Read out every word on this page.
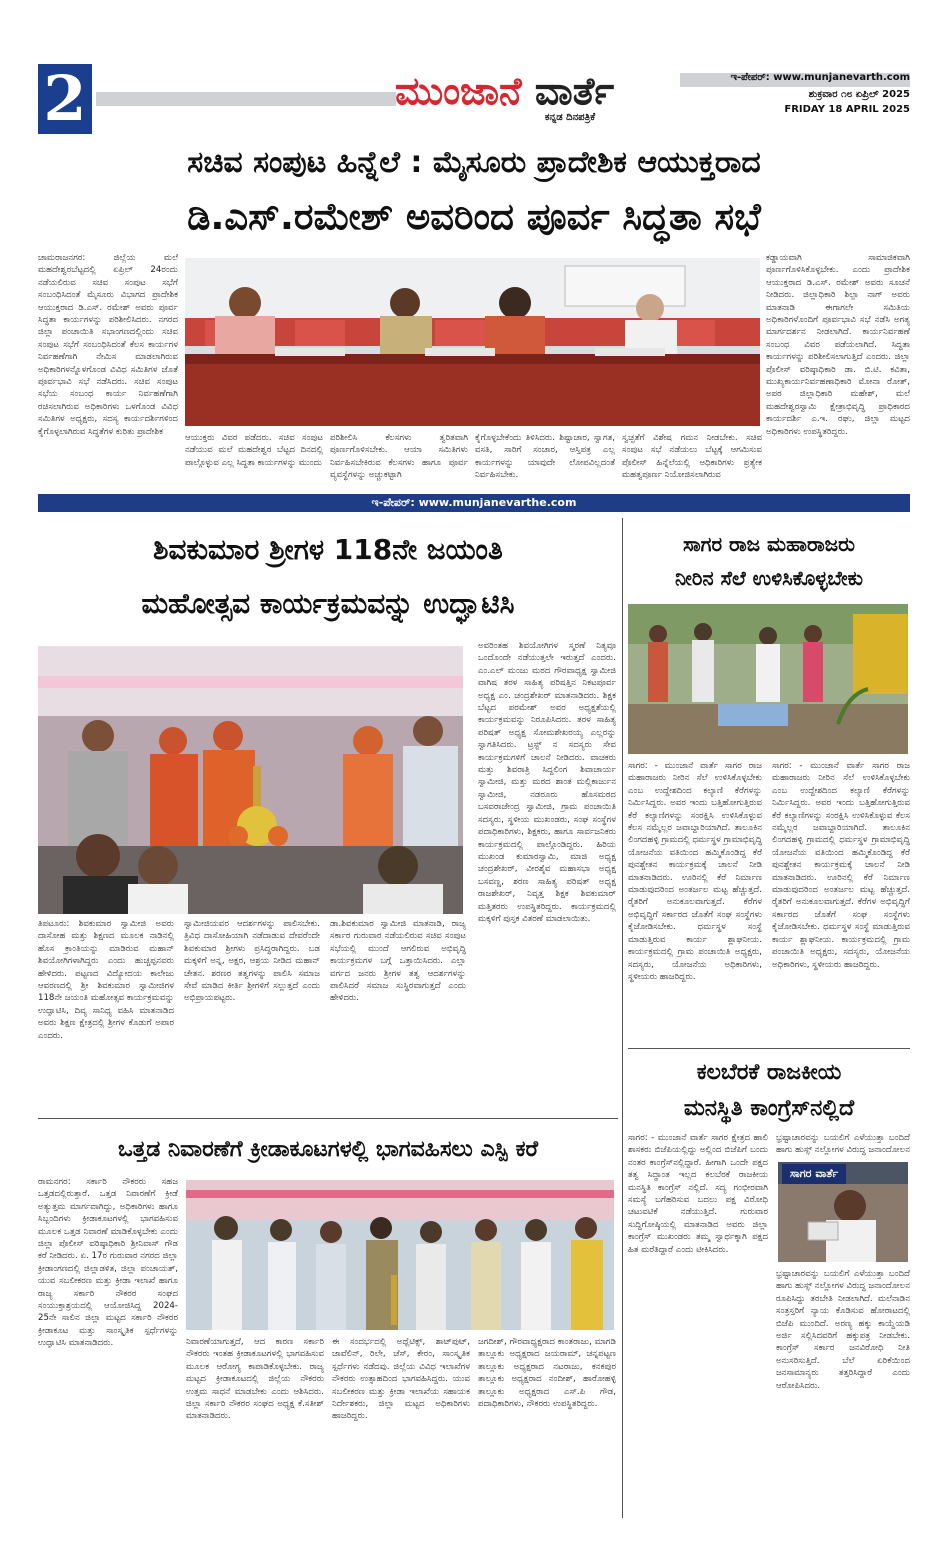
2	ಮುಂಜಾನೆ ವಾರ್ತೆ
ಕನ್ನಡ ದಿನಪತ್ರಿಕೆ
ಇ-ಪೇಪರ್: www.munjanevarth.com
ಶುಕ್ರವಾರ ೧೮ ಏಪ್ರಿಲ್ 2025
FRIDAY 18 APRIL 2025
ಸಚಿವ ಸಂಪುಟ ಹಿನ್ನೆಲೆ : ಮೈಸೂರು ಪ್ರಾದೇಶಿಕ ಆಯುಕ್ತರಾದ
ಡಿ.ಎಸ್.ರಮೇಶ್ ಅವರಿಂದ ಪೂರ್ವ ಸಿದ್ಧತಾ ಸಭೆ
ಚಾಮರಾಜನಗರ: ಜಿಲ್ಲೆಯ ಮಲೆ ಮಹದೇಶ್ವರಬೆಟ್ಟದಲ್ಲಿ ಏಪ್ರಿಲ್ 24ರಂದು ನಡೆಯಲಿರುವ ಸಚಿವ ಸಂಪುಟ ಸಭೆಗೆ ಸಂಬಂಧಿಸಿದಂತೆ ಮೈಸೂರು ವಿಭಾಗದ ಪ್ರಾದೇಶಿಕ ಆಯುಕ್ತರಾದ ಡಿ.ಎಸ್. ರಮೇಶ್ ಅವರು ಪೂರ್ವ ಸಿದ್ಧತಾ ಕಾರ್ಯಗಳನ್ನು ಪರಿಶೀಲಿಸಿದರು. ನಗರದ ಜಿಲ್ಲಾ ಪಂಚಾಯಿತಿ ಸಭಾಂಗಣದಲ್ಲಿಂದು ಸಚಿವ ಸಂಪುಟ ಸಭೆಗೆ ಸಂಬಂಧಿಸಿದಂತೆ ಕೆಲಸ ಕಾರ್ಯಗಳ ನಿರ್ವಹಣೆಗಾಗಿ ನೇಮಿಸ ಮಾಡಲಾಗಿರುವ ಅಧಿಕಾರಿಗಳನ್ನೊಳಗೊಂಡ ವಿವಿಧ ಸಮಿತಿಗಳ ಜೊತೆ ಪೂರ್ವಭಾವಿ ಸಭೆ ನಡೆಸಿದರು. ಸಚಿವ ಸಂಪುಟ ಸಭೆಯ ಸಂಬಂಧ ಕಾರ್ಯ ನಿರ್ವಹಣೆಗಾಗಿ ರಚಿಸಲಾಗಿರುವ ಅಧಿಕಾರಿಗಳು ಒಳಗೊಂಡ ವಿವಿಧ ಸಮಿತಿಗಳ ಅಧ್ಯಕ್ಷರು, ಸದಸ್ಯ ಕಾರ್ಯದರ್ಶಿಗಳಿಂದ ಕೈಗೊಳ್ಳಲಾಗಿರುವ ಸಿದ್ಧತೆಗಳ ಕುರಿತು ಪ್ರಾದೇಶಿಕ
ಆಯುಕ್ತರು ವಿವರ ಪಡೆದರು. ಸಚಿವ ಸಂಪುಟ ನಡೆಯುವ ಮಲೆ ಮಹದೇಶ್ವರ ಬೆಟ್ಟದ ದಿನದಲ್ಲಿ ಪಾಲ್ಗೊಳ್ಳುವ ಎಲ್ಲ ಸಿದ್ಧತಾ ಕಾರ್ಯಗಳನ್ನು ಮುಂದು
ಪರಿಶೀಲಿಸಿ ಕೆಲಸಗಳು ತ್ವರಿತವಾಗಿ ಪೂರ್ಣಗೊಳಿಸಬೇಕು. ಆಯಾ ಸಮಿತಿಗಳು ನಿರ್ವಹಿಸಬೇಕಿರುವ ಕೆಲಸಗಳು ಹಾಗೂ ಪೂರ್ವ ವ್ಯವಸ್ಥೆಗಳನ್ನು ಅಚ್ಚುಕಟ್ಟಾಗಿ
ಕೈಗೊಳ್ಳಬೇಕೆಂದು ತಿಳಿಸಿದರು. ಶಿಷ್ಟಾಚಾರ, ಸ್ವಾಗತ, ವಸತಿ, ಸಾರಿಗೆ ಸಂಚಾರ, ಆಸ್ತಿಪತ್ರ ಎಲ್ಲ ಕಾರ್ಯಗಳನ್ನು ಯಾವುದೇ ಲೋಪವಿಲ್ಲದಂತೆ ನಿರ್ವಹಿಸಬೇಕು.
ಸ್ವಚ್ಛತೆಗೆ ವಿಶೇಷ ಗಮನ ನೀಡಬೇಕು. ಸಚಿವ ಸಂಪುಟ ಸಭೆ ನಡೆಯಲು ಬೆಟ್ಟಕ್ಕೆ ಆಗಮಿಸುವ ಪೊಲೀಸ್ ಹಿನ್ನೆಲೆಯಲ್ಲಿ ಅಧಿಕಾರಿಗಳು ಪ್ರತ್ಯೇಕ ಮಹತ್ವಪೂರ್ಣ ನಿಯೋಜಿಸಲಾಗಿರುವ
ಕಡ್ಡಾಯವಾಗಿ ಸಾಮಾಜಿಕವಾಗಿ ಪೂರ್ಣಗೊಳಿಸಿಕೊಳ್ಳಬೇಕು. ಎಂದು ಪ್ರಾದೇಶಿಕ ಆಯುಕ್ತರಾದ ಡಿ.ಎಸ್. ರಮೇಶ್ ಅವರು ಸೂಚನೆ ನೀಡಿದರು. ಜಿಲ್ಲಾಧಿಕಾರಿ ಶಿಲ್ಪಾ ನಾಗ್ ಅವರು ಮಾತನಾಡಿ ಈಗಾಗಲೇ ಸಮಿತಿಯ ಅಧಿಕಾರಿಗಳೊಂದಿಗೆ ಪೂರ್ವಭಾವಿ ಸಭೆ ನಡೆಸಿ ಅಗತ್ಯ ಮಾರ್ಗದರ್ಶನ ನೀಡಲಾಗಿದೆ. ಕಾರ್ಯನಿರ್ವಹಣೆ ಸಂಬಂಧ ವಿವರ ಪಡೆಯಲಾಗಿದೆ. ಸಿದ್ಧತಾ ಕಾರ್ಯಗಳನ್ನು ಪರಿಶೀಲಿಸಲಾಗುತ್ತಿದೆ ಎಂದರು. ಜಿಲ್ಲಾ ಪೊಲೀಸ್ ವರಿಷ್ಠಾಧಿಕಾರಿ ಡಾ. ಬಿ.ಟಿ. ಕವಿತಾ, ಮುಖ್ಯಕಾರ್ಯನಿರ್ವಹಣಾಧಿಕಾರಿ ಮೋನಾ ರೋತ್, ಅಪರ ಜಿಲ್ಲಾಧಿಕಾರಿ ಮಹೇಶ್, ಮಲೆ ಮಹದೇಶ್ವರಸ್ವಾಮಿ ಕ್ಷೇತ್ರಾಭಿವೃದ್ಧಿ ಪ್ರಾಧಿಕಾರದ ಕಾರ್ಯದರ್ಶಿ ಎ.ಇ. ರಘು, ಜಿಲ್ಲಾ ಮಟ್ಟದ ಅಧಿಕಾರಿಗಳು ಉಪಸ್ಥಿತರಿದ್ದರು.
ಇ-ಪೇಪರ್: www.munjanevarthe.com
ಶಿವಕುಮಾರ ಶ್ರೀಗಳ 118ನೇ ಜಯಂತಿ
ಮಹೋತ್ಸವ ಕಾರ್ಯಕ್ರಮವನ್ನು ಉದ್ಘಾಟಿಸಿ
ಅವರಿಂತಹ ಶಿವಯೋಗಿಗಳ ಸ್ಮರಣೆ ನಿತ್ಯವೂ ಒಂದೊಂದೇ ನಡೆಯುತ್ತಲೇ ಇರುತ್ತದೆ ಎಂದರು. ಎಂ.ಎಲ್ ಮಂಜು ಮಠದ ಗೌರವಾಧ್ಯಕ್ಷ ಸ್ವಾಮೀಜಿ ವಾಗಿಷ ತರಳ ಸಾಹಿತ್ಯ ಪರಿಷತ್ತಿನ ನಿಕಟಪೂರ್ವ ಅಧ್ಯಕ್ಷ ಎಂ. ಚಂದ್ರಶೇಖರ್ ಮಾತನಾಡಿದರು. ಶಿಕ್ಷಕ ಬೆಟ್ಟದ ಪರಮೇಶ್ ಅವರ ಅಧ್ಯಕ್ಷತೆಯಲ್ಲಿ ಕಾರ್ಯಕ್ರಮವನ್ನು ನಿರೂಪಿಸಿದರು. ತರಳ ಸಾಹಿತ್ಯ ಪರಿಷತ್ ಅಧ್ಯಕ್ಷ ಸೋಮಶೇಖರಯ್ಯ ಎಲ್ಲರನ್ನು ಸ್ವಾಗತಿಸಿದರು. ಟ್ರಸ್ಟ್ ನ ಸದಸ್ಯರು ಸೇವ ಕಾರ್ಯಕ್ರಮಗಳಿಗೆ ಚಾಲನೆ ನೀಡಿದರು. ವಾಚಕರು ಮತ್ತು ಶಿವರಾತ್ರಿ ಸಿದ್ದಲಿಂಗ ಶಿವಾಚಾರ್ಯ ಸ್ವಾಮೀಜಿ, ಮತ್ತು ಮಠದ ಶಾಂತ ಮಲ್ಲಿಕಾರ್ಜುನ ಸ್ವಾಮೀಜಿ, ನಡರೂರು ಹೊಸಮಠದ ಬಸವರಾಜೇಂದ್ರ ಸ್ವಾಮೀಜಿ, ಗ್ರಾಮ ಪಂಚಾಯಿತಿ ಸದಸ್ಯರು, ಸ್ಥಳೀಯ ಮುಖಂಡರು, ಸಂಘ ಸಂಸ್ಥೆಗಳ ಪದಾಧಿಕಾರಿಗಳು, ಶಿಕ್ಷಕರು, ಹಾಗೂ ಸಾರ್ವಜನಿಕರು ಕಾರ್ಯಕ್ರಮದಲ್ಲಿ ಪಾಲ್ಗೊಂಡಿದ್ದರು. ಹಿರಿಯ ಮುಖಂಡ ಕುಮಾರಸ್ವಾಮಿ, ಮಾಜಿ ಅಧ್ಯಕ್ಷ ಚಂದ್ರಶೇಖರ್, ವೀರಶೈವ ಮಹಾಸಭಾ ಅಧ್ಯಕ್ಷ ಬಸವಣ್ಣ, ಶರಣ ಸಾಹಿತ್ಯ ಪರಿಷತ್ ಅಧ್ಯಕ್ಷ ರಾಜಶೇಖರ್, ನಿವೃತ್ತ ಶಿಕ್ಷಕ ಶಿವಕುಮಾರ್ ಮತ್ತಿತರರು ಉಪಸ್ಥಿತರಿದ್ದರು. ಕಾರ್ಯಕ್ರಮದಲ್ಲಿ ಮಕ್ಕಳಿಗೆ ಪುಸ್ತಕ ವಿತರಣೆ ಮಾಡಲಾಯಿತು.
ತಿಪಟೂರು: ಶಿವಕುಮಾರ ಸ್ವಾಮೀಜಿ ಅವರು ದಾಸೋಹ ಮತ್ತು ಶಿಕ್ಷಣದ ಮೂಲಕ ನಾಡಿನಲ್ಲಿ ಹೊಸ ಕ್ರಾಂತಿಯನ್ನು ಮಾಡಿರುವ ಮಹಾನ್ ಶಿವಯೋಗಿಗಳಾಗಿದ್ದರು ಎಂದು ಹುಚ್ಚಪ್ಪನವರು ಹೇಳಿದರು. ಪಟ್ಟಣದ ವಿದ್ಯೋದಯ ಕಾಲೇಜು ಆವರಣದಲ್ಲಿ ಶ್ರೀ ಶಿವಕುಮಾರ ಸ್ವಾಮೀಜಿಗಳ 118ನೇ ಜಯಂತಿ ಮಹೋತ್ಸವ ಕಾರ್ಯಕ್ರಮವನ್ನು ಉದ್ಘಾಟಿಸಿ, ದಿವ್ಯ ಸಾನಿಧ್ಯ ವಹಿಸಿ ಮಾತನಾಡಿದ ಅವರು ಶಿಕ್ಷಣ ಕ್ಷೇತ್ರದಲ್ಲಿ ಶ್ರೀಗಳ ಕೊಡುಗೆ ಅಪಾರ ಎಂದರು.
ಸ್ವಾಮೀಜಿಯವರ ಆದರ್ಶಗಳನ್ನು ಪಾಲಿಸಬೇಕು. ತ್ರಿವಿಧ ದಾಸೋಹಿಯಾಗಿ ನಡೆದಾಡುವ ದೇವರೆಂದೇ ಶಿವಕುಮಾರ ಶ್ರೀಗಳು ಪ್ರಸಿದ್ಧರಾಗಿದ್ದರು. ಬಡ ಮಕ್ಕಳಿಗೆ ಅನ್ನ, ಅಕ್ಷರ, ಆಶ್ರಯ ನೀಡಿದ ಮಹಾನ್ ಚೇತನ. ಶರಣರ ತತ್ವಗಳನ್ನು ಪಾಲಿಸಿ ಸಮಾಜ ಸೇವೆ ಮಾಡಿದ ಕೀರ್ತಿ ಶ್ರೀಗಳಿಗೆ ಸಲ್ಲುತ್ತದೆ ಎಂದು ಅಭಿಪ್ರಾಯಪಟ್ಟರು.
ಡಾ.ಶಿವಕುಮಾರ ಸ್ವಾಮೀಜಿ ಮಾತನಾಡಿ, ರಾಜ್ಯ ಸರ್ಕಾರ ಗುರುವಾರ ನಡೆಯಲಿರುವ ಸಚಿವ ಸಂಪುಟ ಸಭೆಯಲ್ಲಿ ಮುಂದೆ ಆಗಲಿರುವ ಅಭಿವೃದ್ಧಿ ಕಾರ್ಯಕ್ರಮಗಳ ಬಗ್ಗೆ ಒತ್ತಾಯಿಸಿದರು. ಎಲ್ಲಾ ವರ್ಗದ ಜನರು ಶ್ರೀಗಳ ತತ್ವ ಆದರ್ಶಗಳನ್ನು ಪಾಲಿಸಿದರೆ ಸಮಾಜ ಸುಸ್ಥಿರವಾಗುತ್ತದೆ ಎಂದು ಹೇಳಿದರು.
ಸಾಗರ ರಾಜ ಮಹಾರಾಜರು
ನೀರಿನ ಸೆಲೆ ಉಳಿಸಿಕೊಳ್ಳಬೇಕು
ಸಾಗರ: - ಮುಂಜಾನೆ ವಾರ್ತೆ ಸಾಗರ ರಾಜ ಮಹಾರಾಜರು ನೀರಿನ ಸೆಲೆ ಉಳಿಸಿಕೊಳ್ಳಬೇಕು ಎಂಬ ಉದ್ದೇಶದಿಂದ ಕಲ್ಯಾಣಿ ಕೆರೆಗಳನ್ನು ನಿರ್ಮಿಸಿದ್ದರು. ಅವರ ಇಂದು ಬತ್ತಿಹೋಗುತ್ತಿರುವ ಕೆರೆ ಕಲ್ಯಾಣಿಗಳನ್ನು ಸಂರಕ್ಷಿಸಿ ಉಳಿಸಿಕೊಳ್ಳುವ ಕೆಲಸ ನಮ್ಮೆಲ್ಲರ ಜವಾಬ್ದಾರಿಯಾಗಿದೆ. ತಾಲೂಕಿನ ಲಿಂಗದಹಳ್ಳಿ ಗ್ರಾಮದಲ್ಲಿ ಧರ್ಮಸ್ಥಳ ಗ್ರಾಮಾಭಿವೃದ್ಧಿ ಯೋಜನೆಯ ವತಿಯಿಂದ ಹಮ್ಮಿಕೊಂಡಿದ್ದ ಕೆರೆ ಪುನಶ್ಚೇತನ ಕಾರ್ಯಕ್ರಮಕ್ಕೆ ಚಾಲನೆ ನೀಡಿ ಮಾತನಾಡಿದರು. ಊರಿನಲ್ಲಿ ಕೆರೆ ನಿರ್ಮಾಣ ಮಾಡುವುದರಿಂದ ಅಂತರ್ಜಲ ಮಟ್ಟ ಹೆಚ್ಚುತ್ತದೆ. ರೈತರಿಗೆ ಅನುಕೂಲವಾಗುತ್ತದೆ. ಕೆರೆಗಳ ಅಭಿವೃದ್ಧಿಗೆ ಸರ್ಕಾರದ ಜೊತೆಗೆ ಸಂಘ ಸಂಸ್ಥೆಗಳು ಕೈಜೋಡಿಸಬೇಕು. ಧರ್ಮಸ್ಥಳ ಸಂಸ್ಥೆ ಮಾಡುತ್ತಿರುವ ಕಾರ್ಯ ಶ್ಲಾಘನೀಯ. ಕಾರ್ಯಕ್ರಮದಲ್ಲಿ ಗ್ರಾಮ ಪಂಚಾಯಿತಿ ಅಧ್ಯಕ್ಷರು, ಸದಸ್ಯರು, ಯೋಜನೆಯ ಅಧಿಕಾರಿಗಳು, ಸ್ಥಳೀಯರು ಹಾಜರಿದ್ದರು.
ಸಾಗರ: - ಮುಂಜಾನೆ ವಾರ್ತೆ ಸಾಗರ ರಾಜ ಮಹಾರಾಜರು ನೀರಿನ ಸೆಲೆ ಉಳಿಸಿಕೊಳ್ಳಬೇಕು ಎಂಬ ಉದ್ದೇಶದಿಂದ ಕಲ್ಯಾಣಿ ಕೆರೆಗಳನ್ನು ನಿರ್ಮಿಸಿದ್ದರು. ಅವರ ಇಂದು ಬತ್ತಿಹೋಗುತ್ತಿರುವ ಕೆರೆ ಕಲ್ಯಾಣಿಗಳನ್ನು ಸಂರಕ್ಷಿಸಿ ಉಳಿಸಿಕೊಳ್ಳುವ ಕೆಲಸ ನಮ್ಮೆಲ್ಲರ ಜವಾಬ್ದಾರಿಯಾಗಿದೆ. ತಾಲೂಕಿನ ಲಿಂಗದಹಳ್ಳಿ ಗ್ರಾಮದಲ್ಲಿ ಧರ್ಮಸ್ಥಳ ಗ್ರಾಮಾಭಿವೃದ್ಧಿ ಯೋಜನೆಯ ವತಿಯಿಂದ ಹಮ್ಮಿಕೊಂಡಿದ್ದ ಕೆರೆ ಪುನಶ್ಚೇತನ ಕಾರ್ಯಕ್ರಮಕ್ಕೆ ಚಾಲನೆ ನೀಡಿ ಮಾತನಾಡಿದರು. ಊರಿನಲ್ಲಿ ಕೆರೆ ನಿರ್ಮಾಣ ಮಾಡುವುದರಿಂದ ಅಂತರ್ಜಲ ಮಟ್ಟ ಹೆಚ್ಚುತ್ತದೆ. ರೈತರಿಗೆ ಅನುಕೂಲವಾಗುತ್ತದೆ. ಕೆರೆಗಳ ಅಭಿವೃದ್ಧಿಗೆ ಸರ್ಕಾರದ ಜೊತೆಗೆ ಸಂಘ ಸಂಸ್ಥೆಗಳು ಕೈಜೋಡಿಸಬೇಕು. ಧರ್ಮಸ್ಥಳ ಸಂಸ್ಥೆ ಮಾಡುತ್ತಿರುವ ಕಾರ್ಯ ಶ್ಲಾಘನೀಯ. ಕಾರ್ಯಕ್ರಮದಲ್ಲಿ ಗ್ರಾಮ ಪಂಚಾಯಿತಿ ಅಧ್ಯಕ್ಷರು, ಸದಸ್ಯರು, ಯೋಜನೆಯ ಅಧಿಕಾರಿಗಳು, ಸ್ಥಳೀಯರು ಹಾಜರಿದ್ದರು.
ಕಲಬೆರಕೆ ರಾಜಕೀಯ
ಮನಸ್ಥಿತಿ ಕಾಂಗ್ರೆಸ್‌ನಲ್ಲಿದೆ
ಸಾಗರ: - ಮುಂಜಾನೆ ವಾರ್ತೆ ಸಾಗರ ಕ್ಷೇತ್ರದ ಹಾಲಿ ಶಾಸಕರು ಬಿಜೆಪಿಯಲ್ಲಿದ್ದು ಅಲ್ಲಿಂದ ಬಿಜೆಪಿಗೆ ಬಂದು ನಂತರ ಕಾಂಗ್ರೆಸ್‌ನಲ್ಲಿದ್ದಾರೆ. ಹೀಗಾಗಿ ಒಂದೇ ಪಕ್ಷದ ತತ್ವ ಸಿದ್ಧಾಂತ ಇಲ್ಲದ ಕಲಬೆರಕೆ ರಾಜಕೀಯ ಮನಸ್ಥಿತಿ ಕಾಂಗ್ರೆಸ್ ನಲ್ಲಿದೆ. ಸದ್ಯ ಗಂಭೀರವಾಗಿ ಸಮಸ್ಯೆ ಬಗೆಹರಿಸುವ ಬದಲು ಪಕ್ಷ ವಿರೋಧಿ ಚಟುವಟಿಕೆ ನಡೆಯುತ್ತಿದೆ. ಗುರುವಾರ ಸುದ್ದಿಗೋಷ್ಠಿಯಲ್ಲಿ ಮಾತನಾಡಿದ ಅವರು ಜಿಲ್ಲಾ ಕಾಂಗ್ರೆಸ್ ಮುಖಂಡರು ತಮ್ಮ ಸ್ವಾರ್ಥಕ್ಕಾಗಿ ಪಕ್ಷದ ಹಿತ ಮರೆತಿದ್ದಾರೆ ಎಂದು ಟೀಕಿಸಿದರು.
ಭ್ರಷ್ಟಾಚಾರವನ್ನು ಬಯಲಿಗೆ ಎಳೆಯುತ್ತಾ ಬಂದಿದೆ ಹಾಗು ಹುಸ್ಸ್ ನಲ್ಲೋಗಳ ವಿರುದ್ಧ ಜನಾಂದೋಲನ
ಸಾಗರ ವಾರ್ತೆ
ಭ್ರಷ್ಟಾಚಾರವನ್ನು ಬಯಲಿಗೆ ಎಳೆಯುತ್ತಾ ಬಂದಿದೆ ಹಾಗು ಹುಸ್ಸ್ ನಲ್ಲೋಗಳ ವಿರುದ್ಧ ಜನಾಂದೋಲನ ರೂಪಿಸಿದ್ದು ತರಬೇತಿ ನೀಡಲಾಗಿದೆ. ಮಲೆನಾಡಿನ ಸಂತ್ರಸ್ತರಿಗೆ ನ್ಯಾಯ ಕೊಡಿಸುವ ಹೋರಾಟದಲ್ಲಿ ಬಿಜೆಪಿ ಮುಂದಿದೆ. ಅರಣ್ಯ ಹಕ್ಕು ಕಾಯ್ದೆಯಡಿ ಅರ್ಜಿ ಸಲ್ಲಿಸಿದವರಿಗೆ ಹಕ್ಕುಪತ್ರ ನೀಡಬೇಕು. ಕಾಂಗ್ರೆಸ್ ಸರ್ಕಾರ ಜನವಿರೋಧಿ ನೀತಿ ಅನುಸರಿಸುತ್ತಿದೆ. ಬೆಲೆ ಏರಿಕೆಯಿಂದ ಜನಸಾಮಾನ್ಯರು ತತ್ತರಿಸಿದ್ದಾರೆ ಎಂದು ಆರೋಪಿಸಿದರು.
ಒತ್ತಡ ನಿವಾರಣೆಗೆ ಕ್ರೀಡಾಕೂಟಗಳಲ್ಲಿ ಭಾಗವಹಿಸಲು ಎಸ್ಪಿ ಕರೆ
ರಾಮನಗರ: ಸರ್ಕಾರಿ ನೌಕರರು ಸಹಜ ಒತ್ತಡದಲ್ಲಿರುತ್ತಾರೆ. ಒತ್ತಡ ನಿವಾರಣೆಗೆ ಕ್ರೀಡೆ ಅತ್ಯುತ್ತಮ ಮಾರ್ಗವಾಗಿದ್ದು, ಅಧಿಕಾರಿಗಳು ಹಾಗೂ ಸಿಬ್ಬಂದಿಗಳು ಕ್ರೀಡಾಕೂಟಗಳಲ್ಲಿ ಭಾಗವಹಿಸುವ ಮೂಲಕ ಒತ್ತಡ ನಿವಾರಣೆ ಮಾಡಿಕೊಳ್ಳಬೇಕು ಎಂದು ಜಿಲ್ಲಾ ಪೊಲೀಸ್ ವರಿಷ್ಠಾಧಿಕಾರಿ ಶ್ರೀನಿವಾಸ್ ಗೌಡ ಕರೆ ನೀಡಿದರು. ಏ. 17ರ ಗುರುವಾರ ನಗರದ ಜಿಲ್ಲಾ ಕ್ರೀಡಾಂಗಣದಲ್ಲಿ ಜಿಲ್ಲಾಡಳಿತ, ಜಿಲ್ಲಾ ಪಂಚಾಯತ್, ಯುವ ಸಬಲೀಕರಣ ಮತ್ತು ಕ್ರೀಡಾ ಇಲಾಖೆ ಹಾಗೂ ರಾಜ್ಯ ಸರ್ಕಾರಿ ನೌಕರರ ಸಂಘದ ಸಂಯುಕ್ತಾಶ್ರಯದಲ್ಲಿ ಆಯೋಜಿಸಿದ್ದ 2024-25ನೇ ಸಾಲಿನ ಜಿಲ್ಲಾ ಮಟ್ಟದ ಸರ್ಕಾರಿ ನೌಕರರ ಕ್ರೀಡಾಕೂಟ ಮತ್ತು ಸಾಂಸ್ಕೃತಿಕ ಸ್ಪರ್ಧೆಗಳನ್ನು ಉದ್ಘಾಟಿಸಿ ಮಾತನಾಡಿದರು.	ನಿವಾರಣೆಯಾಗುತ್ತದೆ, ಆದ ಕಾರಣ ಸರ್ಕಾರಿ ನೌಕರರು ಇಂತಹ ಕ್ರೀಡಾಕೂಟಗಳಲ್ಲಿ ಭಾಗವಹಿಸುವ ಮೂಲಕ ಆರೋಗ್ಯ ಕಾಪಾಡಿಕೊಳ್ಳಬೇಕು. ರಾಜ್ಯ ಮಟ್ಟದ ಕ್ರೀಡಾಕೂಟದಲ್ಲಿ ಜಿಲ್ಲೆಯ ನೌಕರರು ಉತ್ತಮ ಸಾಧನೆ ಮಾಡಬೇಕು ಎಂದು ಆಶಿಸಿದರು. ಜಿಲ್ಲಾ ಸರ್ಕಾರಿ ನೌಕರರ ಸಂಘದ ಅಧ್ಯಕ್ಷ ಕೆ.ಸತೀಶ್ ಮಾತನಾಡಿದರು.
ಈ ಸಂದರ್ಭದಲ್ಲಿ ಅಥ್ಲೆಟಿಕ್ಸ್, ಶಾಟ್‌ಪುಟ್, ಜಾವೆಲಿನ್, ರಿಲೇ, ಚೆಸ್, ಕೇರಂ, ಸಾಂಸ್ಕೃತಿಕ ಸ್ಪರ್ಧೆಗಳು ನಡೆದವು. ಜಿಲ್ಲೆಯ ವಿವಿಧ ಇಲಾಖೆಗಳ ನೌಕರರು ಉತ್ಸಾಹದಿಂದ ಭಾಗವಹಿಸಿದ್ದರು. ಯುವ ಸಬಲೀಕರಣ ಮತ್ತು ಕ್ರೀಡಾ ಇಲಾಖೆಯ ಸಹಾಯಕ ನಿರ್ದೇಶಕರು, ಜಿಲ್ಲಾ ಮಟ್ಟದ ಅಧಿಕಾರಿಗಳು ಹಾಜರಿದ್ದರು.
ಜಗದೀಶ್, ಗೌರವಾಧ್ಯಕ್ಷರಾದ ಕಾಂತರಾಜು, ಮಾಗಡಿ ತಾಲ್ಲೂಕು ಅಧ್ಯಕ್ಷರಾದ ಜಯರಾಮ್, ಚನ್ನಪಟ್ಟಣ ತಾಲ್ಲೂಕು ಅಧ್ಯಕ್ಷರಾದ ನಟರಾಜು, ಕನಕಪುರ ತಾಲ್ಲೂಕು ಅಧ್ಯಕ್ಷರಾದ ನಂದೀಶ್, ಹಾರೋಹಳ್ಳಿ ತಾಲ್ಲೂಕು ಅಧ್ಯಕ್ಷರಾದ ಎಸ್.ಪಿ ಗೌಡ, ಪದಾಧಿಕಾರಿಗಳು, ನೌಕರರು ಉಪಸ್ಥಿತರಿದ್ದರು.
